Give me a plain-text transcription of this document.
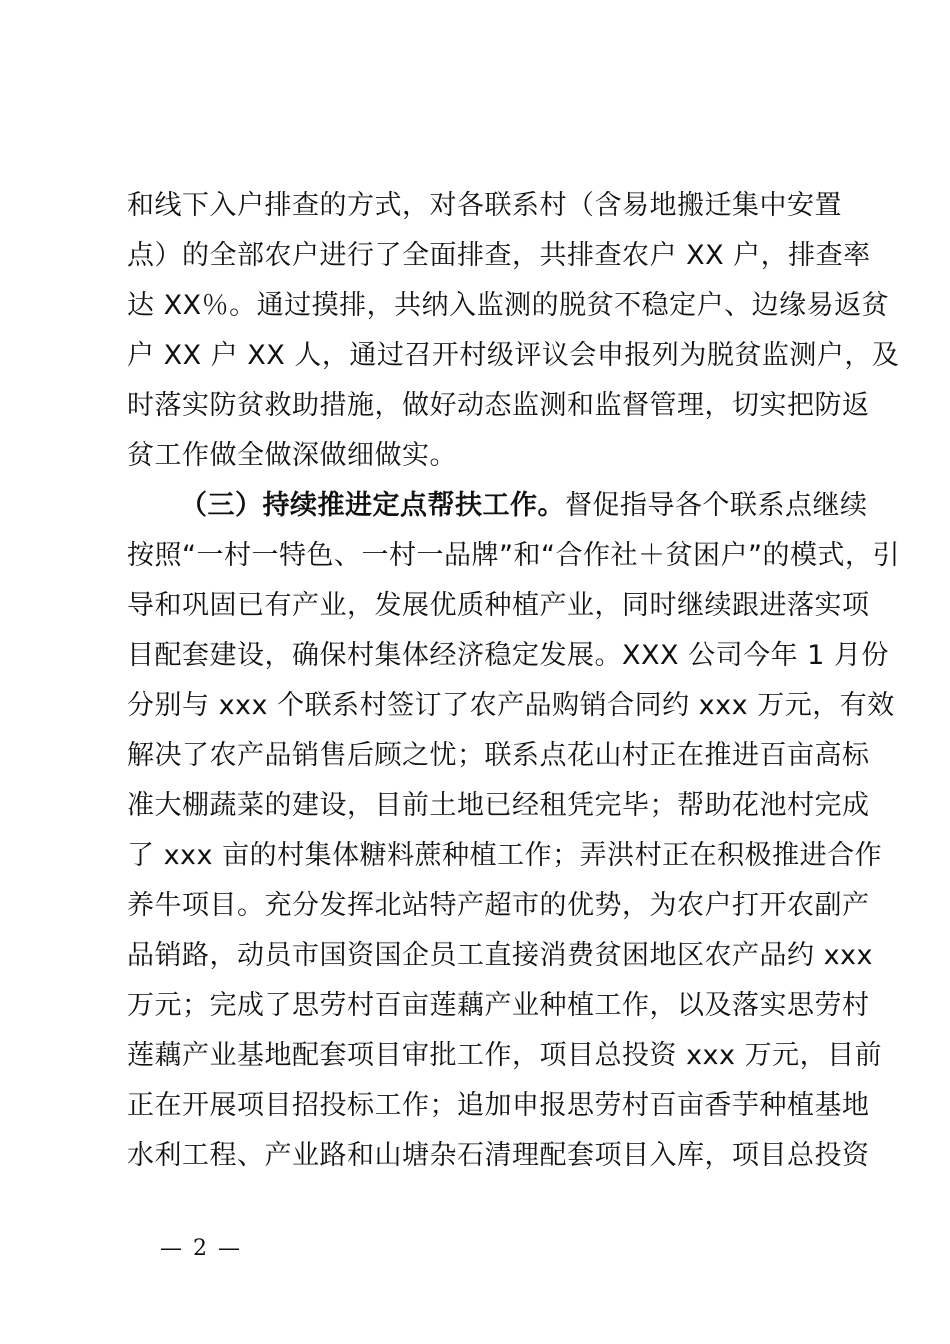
和线下入户排查的方式，对各联系村（含易地搬迁集中安置
点）的全部农户进行了全面排查，共排查农户 XX 户，排查率
达 XX％。通过摸排，共纳入监测的脱贫不稳定户、边缘易返贫
户 XX 户 XX 人，通过召开村级评议会申报列为脱贫监测户，及
时落实防贫救助措施，做好动态监测和监督管理，切实把防返
贫工作做全做深做细做实。
（三）持续推进定点帮扶工作。督促指导各个联系点继续
按照“一村一特色、一村一品牌”和“合作社＋贫困户”的模式，引
导和巩固已有产业，发展优质种植产业，同时继续跟进落实项
目配套建设，确保村集体经济稳定发展。XXX 公司今年 1 月份
分别与 xxx 个联系村签订了农产品购销合同约 xxx 万元，有效
解决了农产品销售后顾之忧；联系点花山村正在推进百亩高标
准大棚蔬菜的建设，目前土地已经租凭完毕；帮助花池村完成
了 xxx 亩的村集体糖料蔗种植工作；弄洪村正在积极推进合作
养牛项目。充分发挥北站特产超市的优势，为农户打开农副产
品销路，动员市国资国企员工直接消费贫困地区农产品约 xxx
万元；完成了思劳村百亩莲藕产业种植工作，以及落实思劳村
莲藕产业基地配套项目审批工作，项目总投资 xxx 万元，目前
正在开展项目招投标工作；追加申报思劳村百亩香芋种植基地
水利工程、产业路和山塘杂石清理配套项目入库，项目总投资
— 2 —
